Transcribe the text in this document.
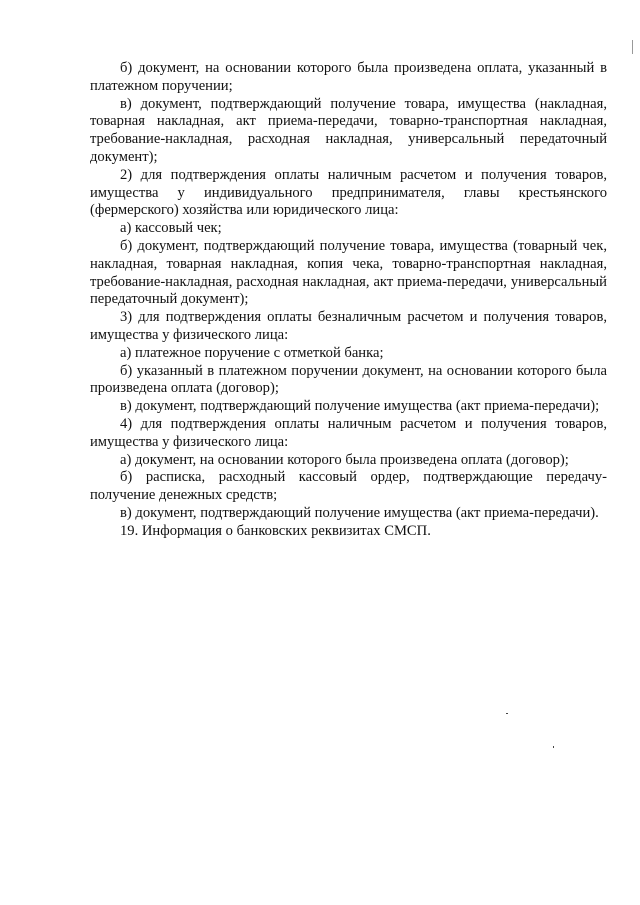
б) документ, на основании которого была произведена оплата, указанный в платежном поручении;

в) документ, подтверждающий получение товара, имущества (накладная, товарная накладная, акт приема-передачи, товарно-транспортная накладная, требование-накладная, расходная накладная, универсальный передаточный документ);

2) для подтверждения оплаты наличным расчетом и получения товаров, имущества у индивидуального предпринимателя, главы крестьянского (фермерского) хозяйства или юридического лица:

а) кассовый чек;

б) документ, подтверждающий получение товара, имущества (товарный чек, накладная, товарная накладная, копия чека, товарно-транспортная накладная, требование-накладная, расходная накладная, акт приема-передачи, универсальный передаточный документ);

3) для подтверждения оплаты безналичным расчетом и получения товаров, имущества у физического лица:

а) платежное поручение с отметкой банка;

б) указанный в платежном поручении документ, на основании которого была произведена оплата (договор);

в) документ, подтверждающий получение имущества (акт приема-передачи);

4) для подтверждения оплаты наличным расчетом и получения товаров, имущества у физического лица:

а) документ, на основании которого была произведена оплата (договор);

б) расписка, расходный кассовый ордер, подтверждающие передачу-получение денежных средств;

в) документ, подтверждающий получение имущества (акт приема-передачи).

19. Информация о банковских реквизитах СМСП.
